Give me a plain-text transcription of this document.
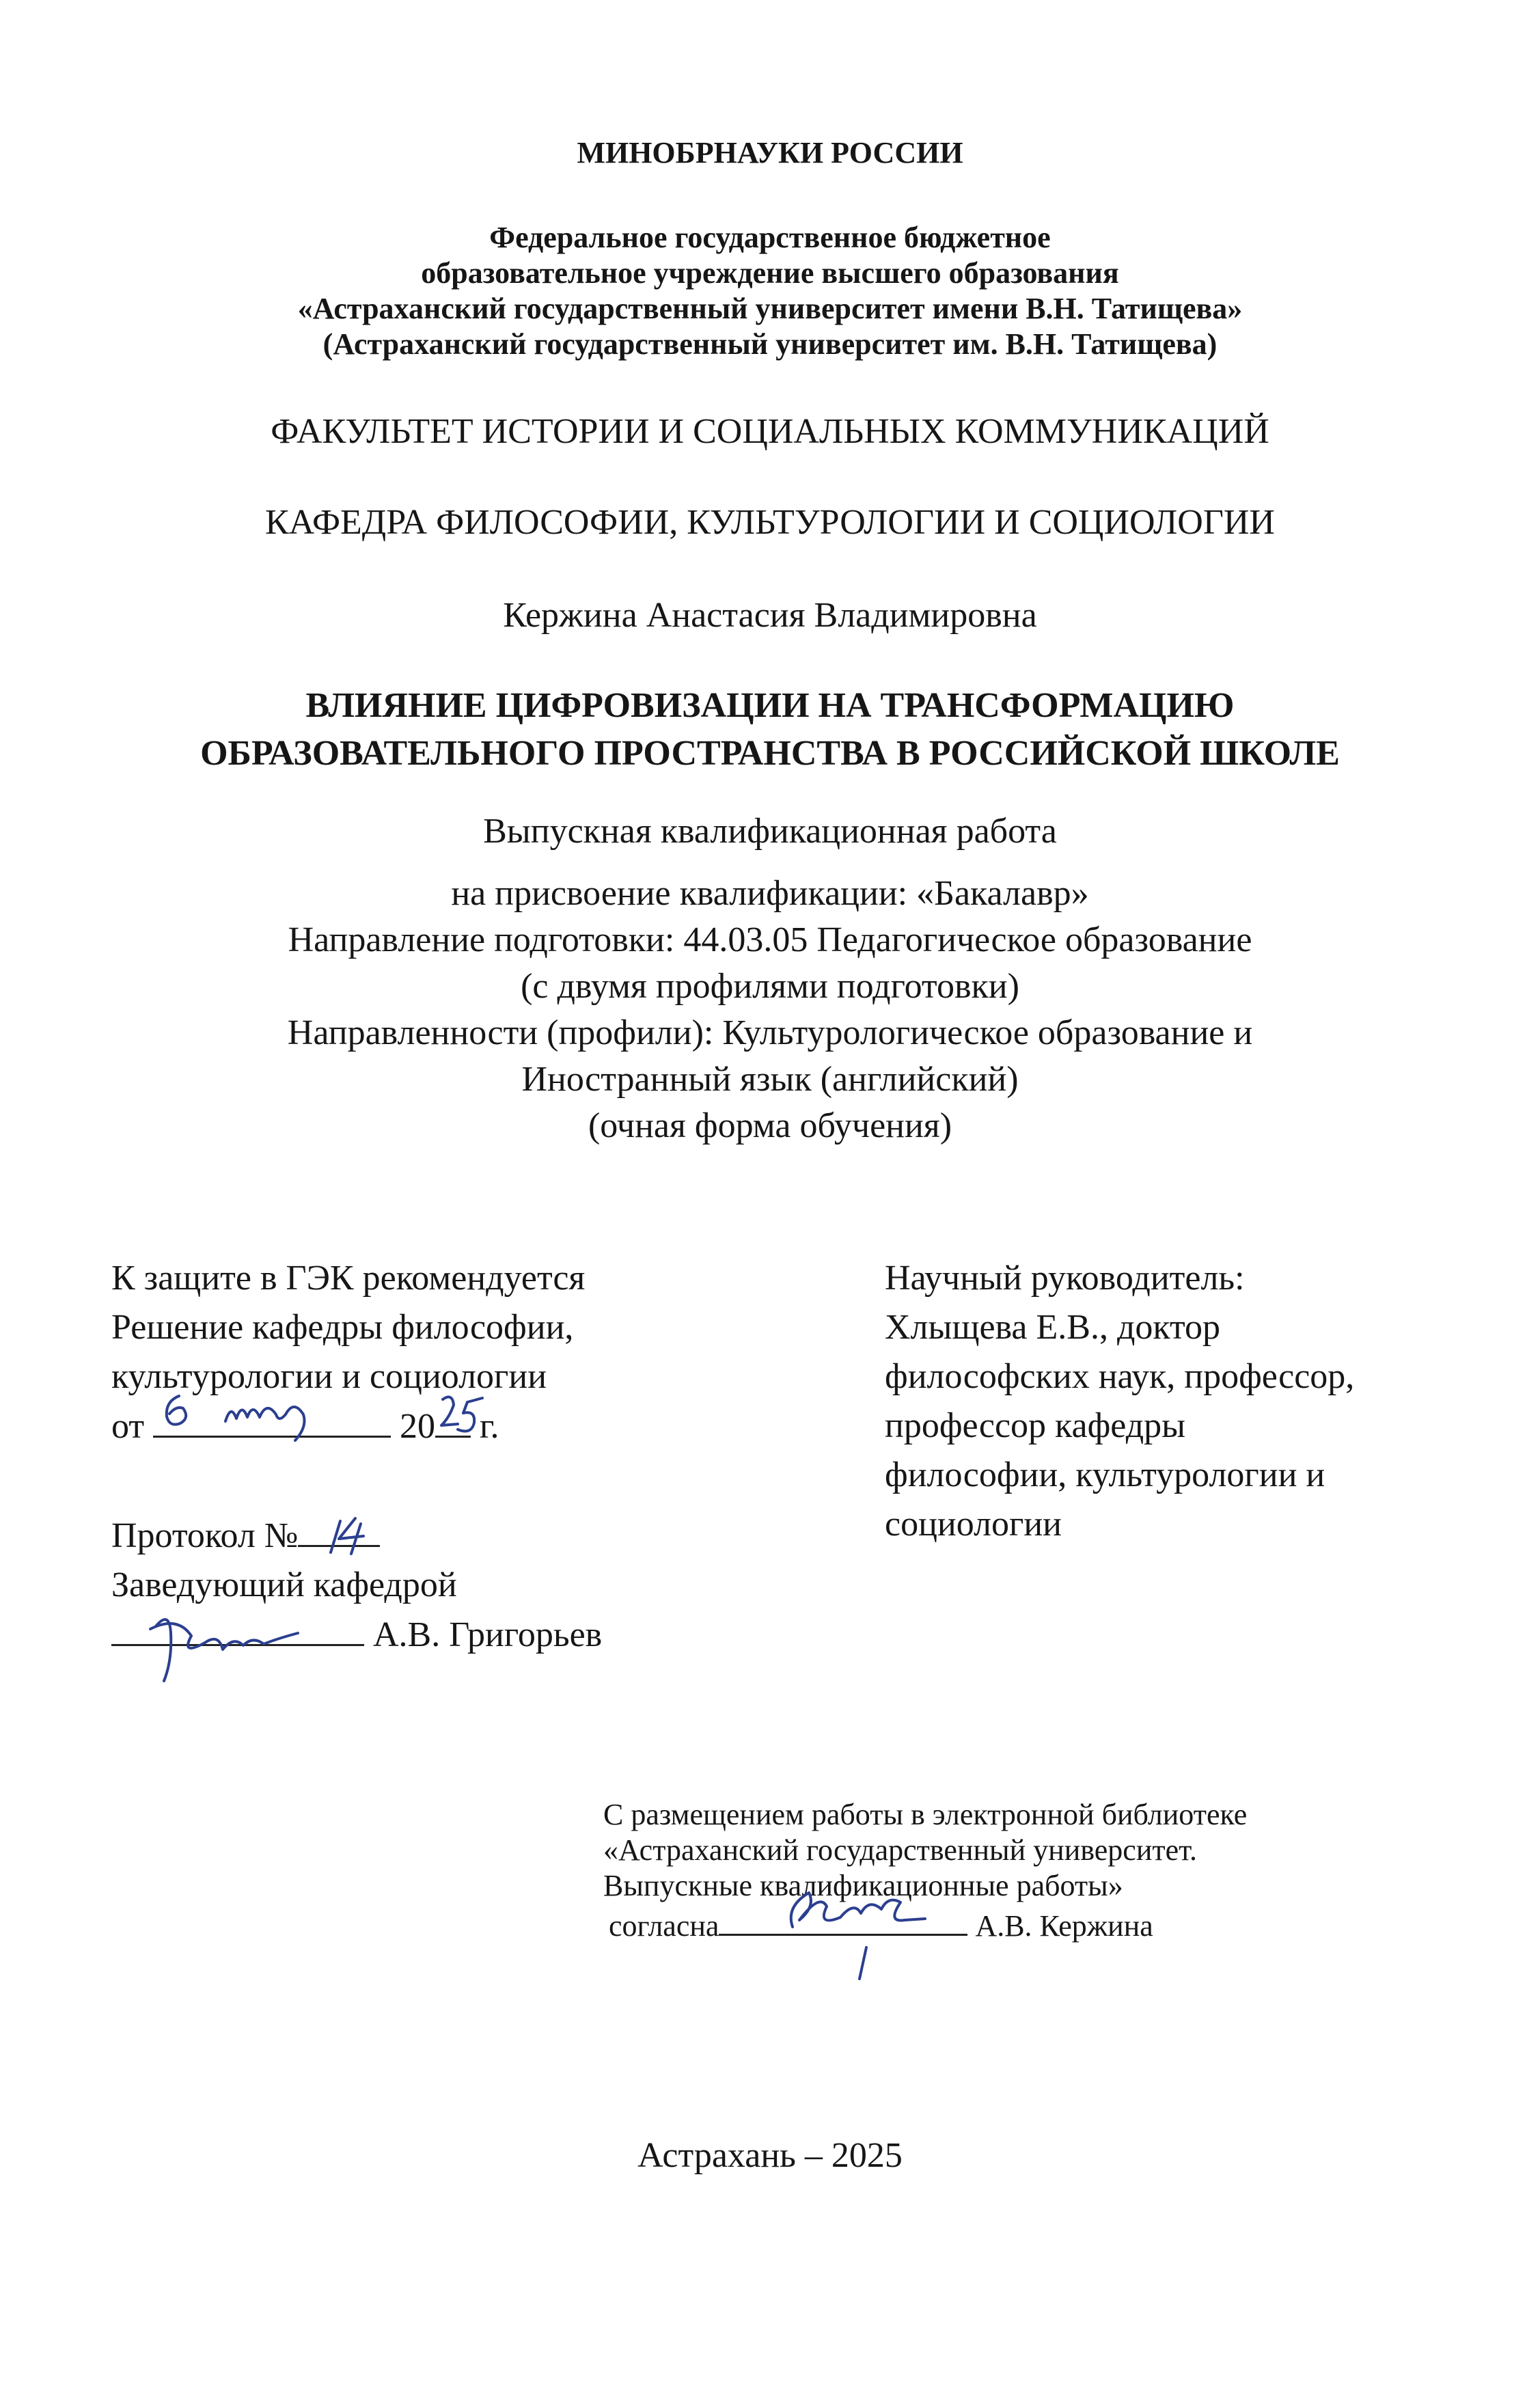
МИНОБРНАУКИ РОССИИ
Федеральное государственное бюджетное
образовательное учреждение высшего образования
«Астраханский государственный университет имени В.Н. Татищева»
(Астраханский государственный университет им. В.Н. Татищева)
ФАКУЛЬТЕТ ИСТОРИИ И СОЦИАЛЬНЫХ КОММУНИКАЦИЙ
КАФЕДРА ФИЛОСОФИИ, КУЛЬТУРОЛОГИИ И СОЦИОЛОГИИ
Кержина Анастасия Владимировна
ВЛИЯНИЕ ЦИФРОВИЗАЦИИ НА ТРАНСФОРМАЦИЮ
ОБРАЗОВАТЕЛЬНОГО ПРОСТРАНСТВА В РОССИЙСКОЙ ШКОЛЕ
Выпускная квалификационная работа
на присвоение квалификации: «Бакалавр»
Направление подготовки: 44.03.05 Педагогическое образование
(с двумя профилями подготовки)
Направленности (профили): Культурологическое образование и
Иностранный язык (английский)
(очная форма обучения)
К защите в ГЭК рекомендуется
Решение кафедры философии,
культурологии и социологии
от	20 г.
Протокол №
Заведующий кафедрой
А.В. Григорьев
Научный руководитель:
Хлыщева Е.В., доктор
философских наук, профессор,
профессор кафедры
философии, культурологии и
социологии
С размещением работы в электронной библиотеке
«Астраханский государственный университет.
Выпускные квалификационные работы»
согласна	А.В. Кержина
Астрахань – 2025
